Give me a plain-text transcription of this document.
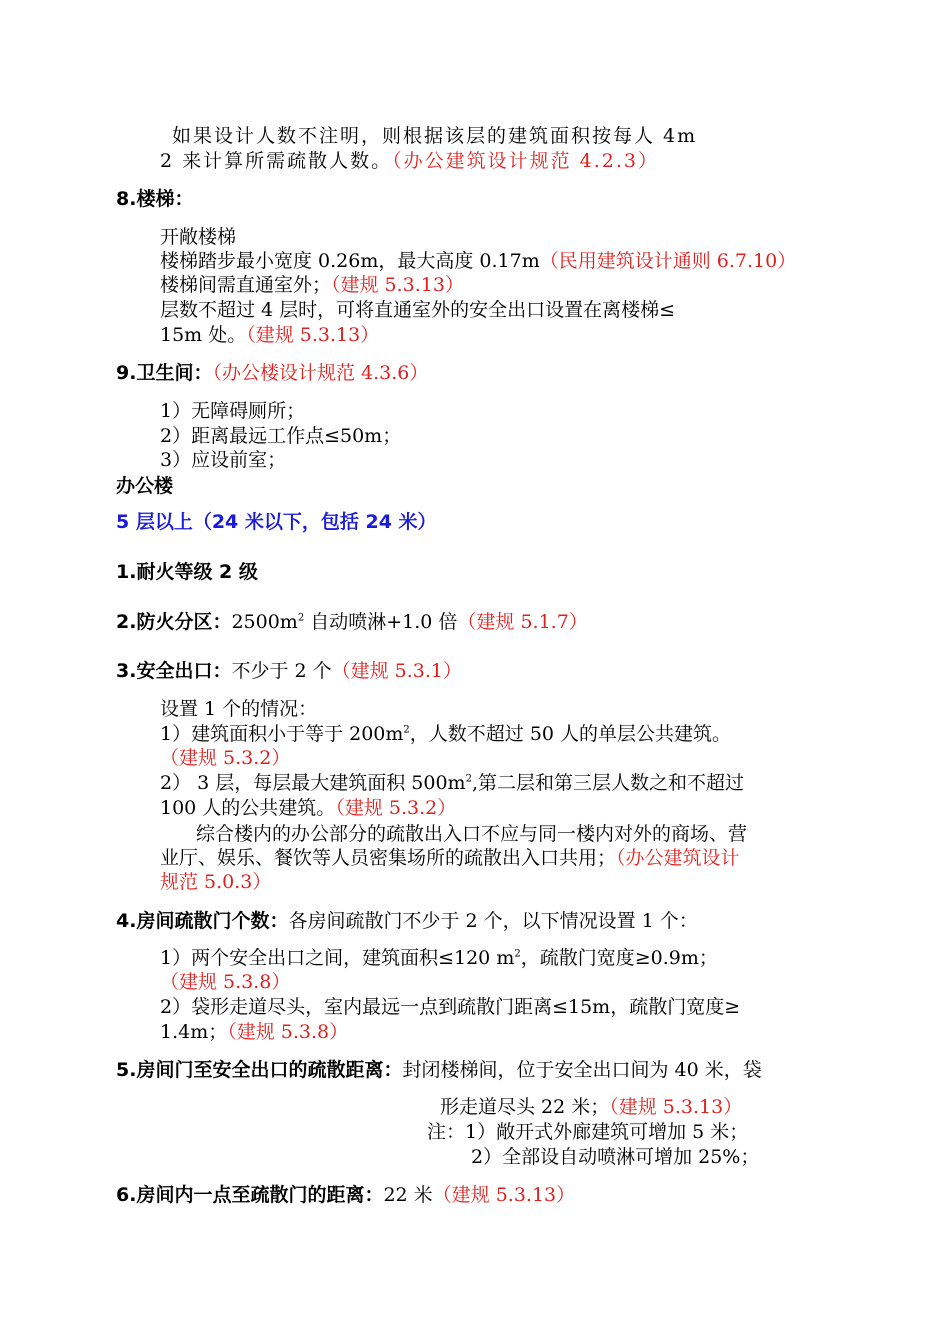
如果设计人数不注明，则根据该层的建筑面积按每人 4m
2 来计算所需疏散人数。（办公建筑设计规范 4.2.3）
8.楼梯：
开敞楼梯
楼梯踏步最小宽度 0.26m，最大高度 0.17m（民用建筑设计通则 6.7.10）
楼梯间需直通室外；（建规 5.3.13）
层数不超过 4 层时，可将直通室外的安全出口设置在离楼梯≤
15m 处。（建规 5.3.13）
9.卫生间：（办公楼设计规范 4.3.6）
1）无障碍厕所；
2）距离最远工作点≤50m；
3）应设前室；
办公楼
5 层以上（24 米以下，包括 24 米）
1.耐火等级 2 级
2.防火分区：$2500m^2$ 自动喷淋+1.0 倍（建规 5.1.7）
3.安全出口：不少于 2 个（建规 5.3.1）
设置 1 个的情况：
1）建筑面积小于等于 $200m^2$，人数不超过 50 人的单层公共建筑。
（建规 5.3.2）
2） 3 层，每层最大建筑面积 $500m^2$,第二层和第三层人数之和不超过
100 人的公共建筑。（建规 5.3.2）
综合楼内的办公部分的疏散出入口不应与同一楼内对外的商场、营
业厅、娱乐、餐饮等人员密集场所的疏散出入口共用；（办公建筑设计
规范 5.0.3）
4.房间疏散门个数：各房间疏散门不少于 2 个，以下情况设置 1 个：
1）两个安全出口之间，建筑面积≤120 $m^2$，疏散门宽度≥0.9m；
（建规 5.3.8）
2）袋形走道尽头，室内最远一点到疏散门距离≤15m，疏散门宽度≥
1.4m；（建规 5.3.8）
5.房间门至安全出口的疏散距离：封闭楼梯间，位于安全出口间为 40 米，袋
形走道尽头 22 米；（建规 5.3.13）
注：1）敞开式外廊建筑可增加 5 米；
2）全部设自动喷淋可增加 25%；
6.房间内一点至疏散门的距离：22 米（建规 5.3.13）
